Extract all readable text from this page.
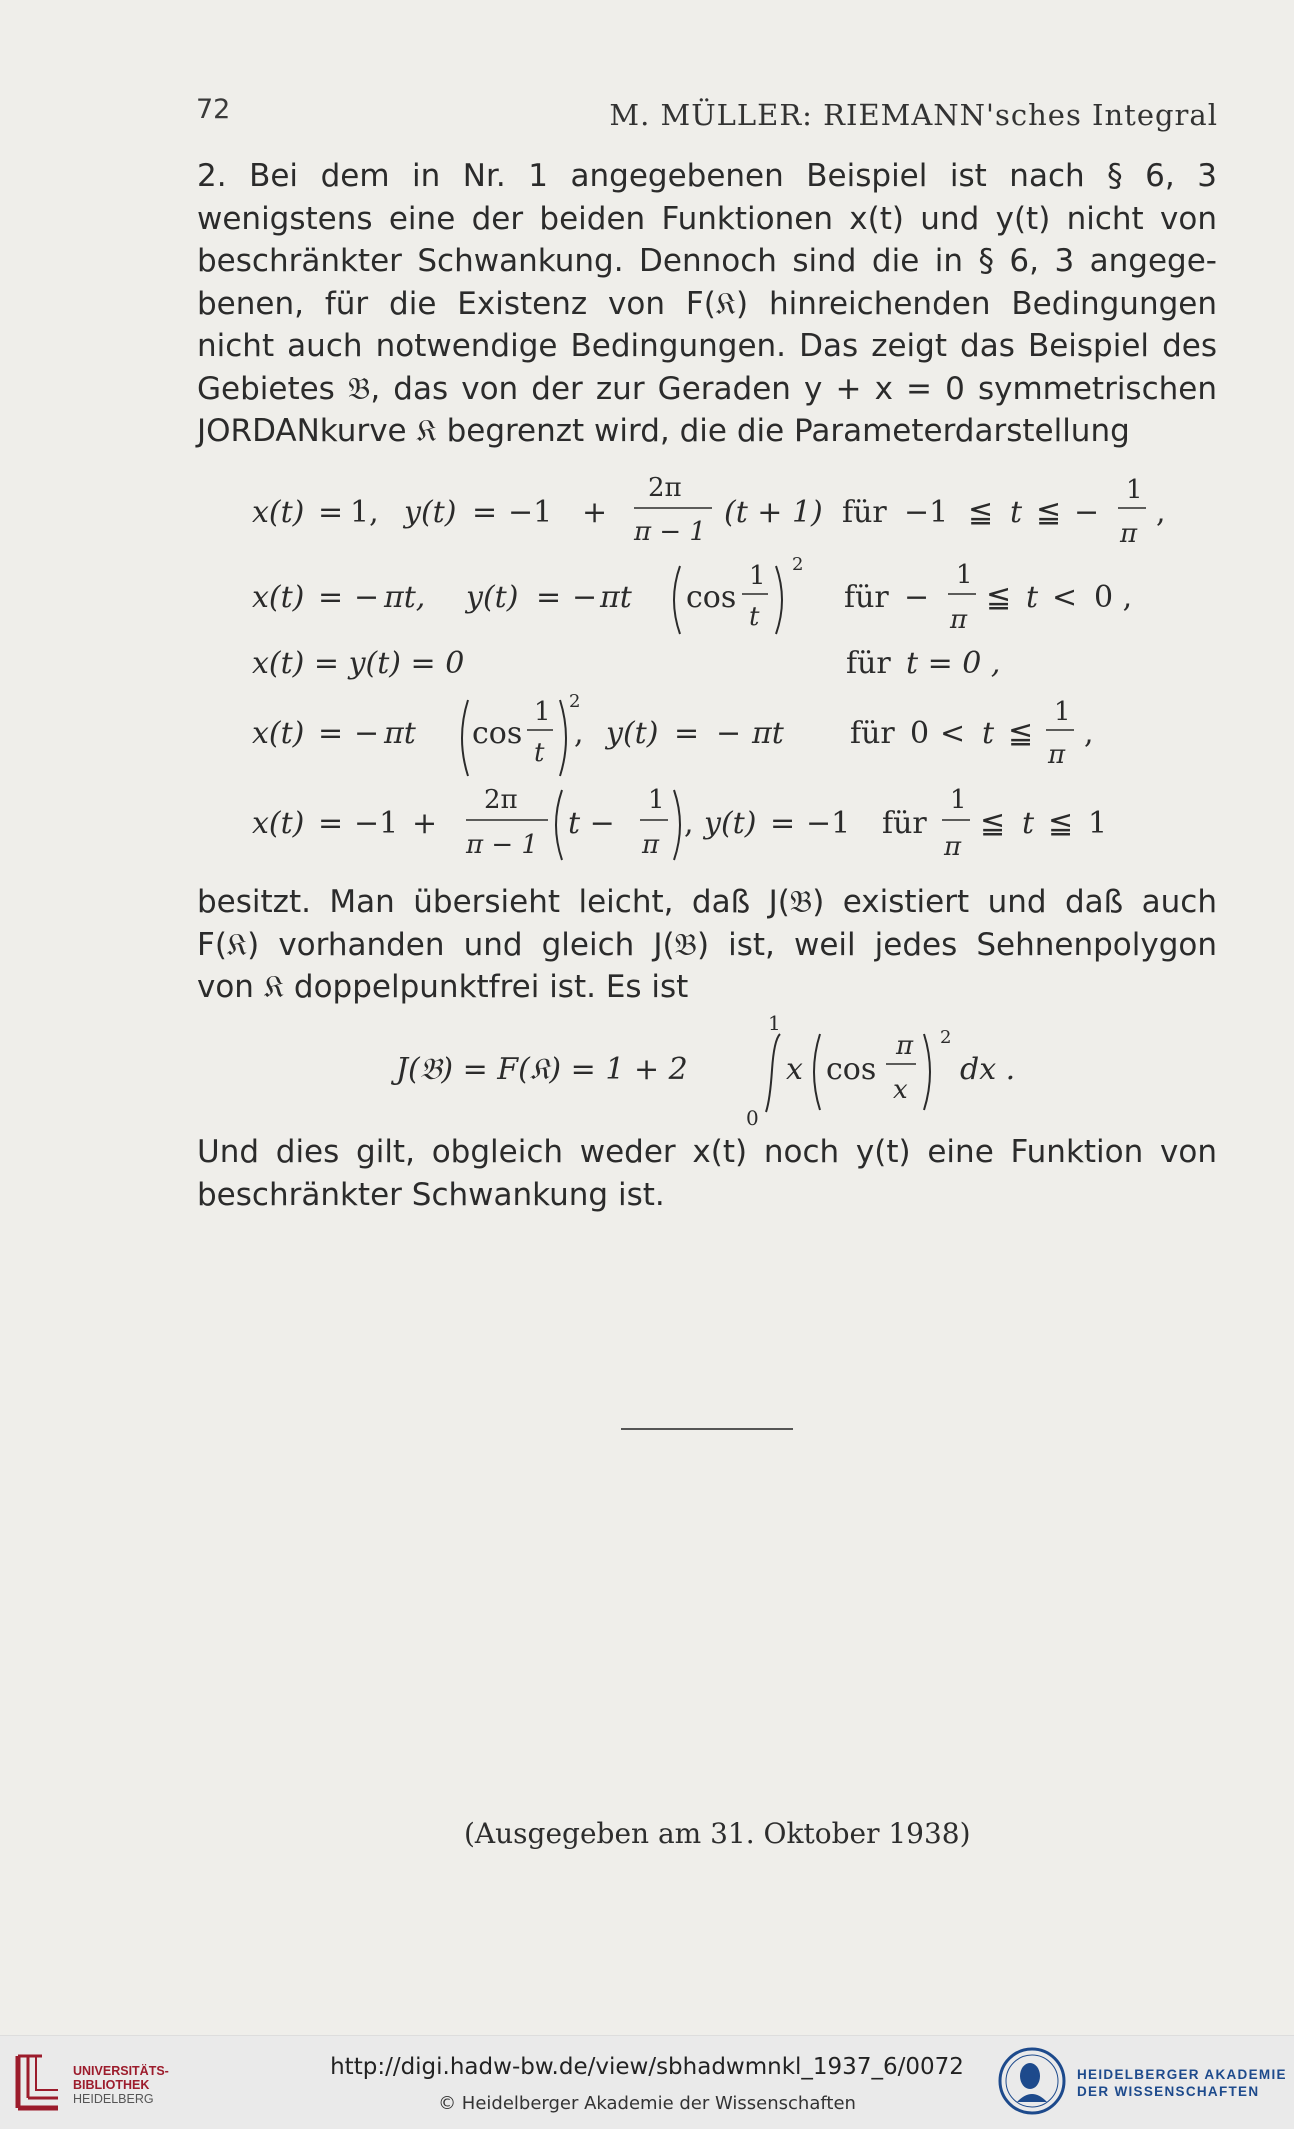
72	M. MÜLLER: RIEMANN'sches Integral
2. Bei dem in Nr. 1 angegebenen Beispiel ist nach § 6, 3
wenigstens eine der beiden Funktionen x(t) und y(t) nicht von
beschränkter Schwankung. Dennoch sind die in § 6, 3 angege-
benen, für die Existenz von F(𝔎) hinreichenden Bedingungen
nicht auch notwendige Bedingungen. Das zeigt das Beispiel des
Gebietes 𝔅, das von der zur Geraden y + x = 0 symmetrischen
JORDANkurve 𝔎 begrenzt wird, die die Parameterdarstellung
x(t) = 1, y(t) = −1 +
2π
π − 1
(t + 1) für −1 ≦ t ≦ −
1
π
,
x(t) = − πt, y(t) = − πt cos
1
t
2
für −
1
π
≦ t < 0 ,
x(t) = y(t) = 0	für t = 0 ,
x(t) = − πt cos
1
t
2
, y(t) = − πt für 0 < t ≦
1
π
,
x(t) = −1 +
2π
π − 1
t −
1
π
, y(t) = −1 für
1
π
≦ t ≦ 1
J(𝔅) = F(𝔎) = 1 + 2
1
0
x cos
π
x
2
dx .
besitzt. Man übersieht leicht, daß J(𝔅) existiert und daß auch
F(𝔎) vorhanden und gleich J(𝔅) ist, weil jedes Sehnenpolygon
von 𝔎 doppelpunktfrei ist. Es ist
Und dies gilt, obgleich weder x(t) noch y(t) eine Funktion von
beschränkter Schwankung ist.
(Ausgegeben am 31. Oktober 1938)
UNIVERSITÄTS-
BIBLIOTHEK
HEIDELBERG
http://digi.hadw-bw.de/view/sbhadwmnkl_1937_6/0072
© Heidelberger Akademie der Wissenschaften
HEIDELBERGER AKADEMIE
DER WISSENSCHAFTEN
